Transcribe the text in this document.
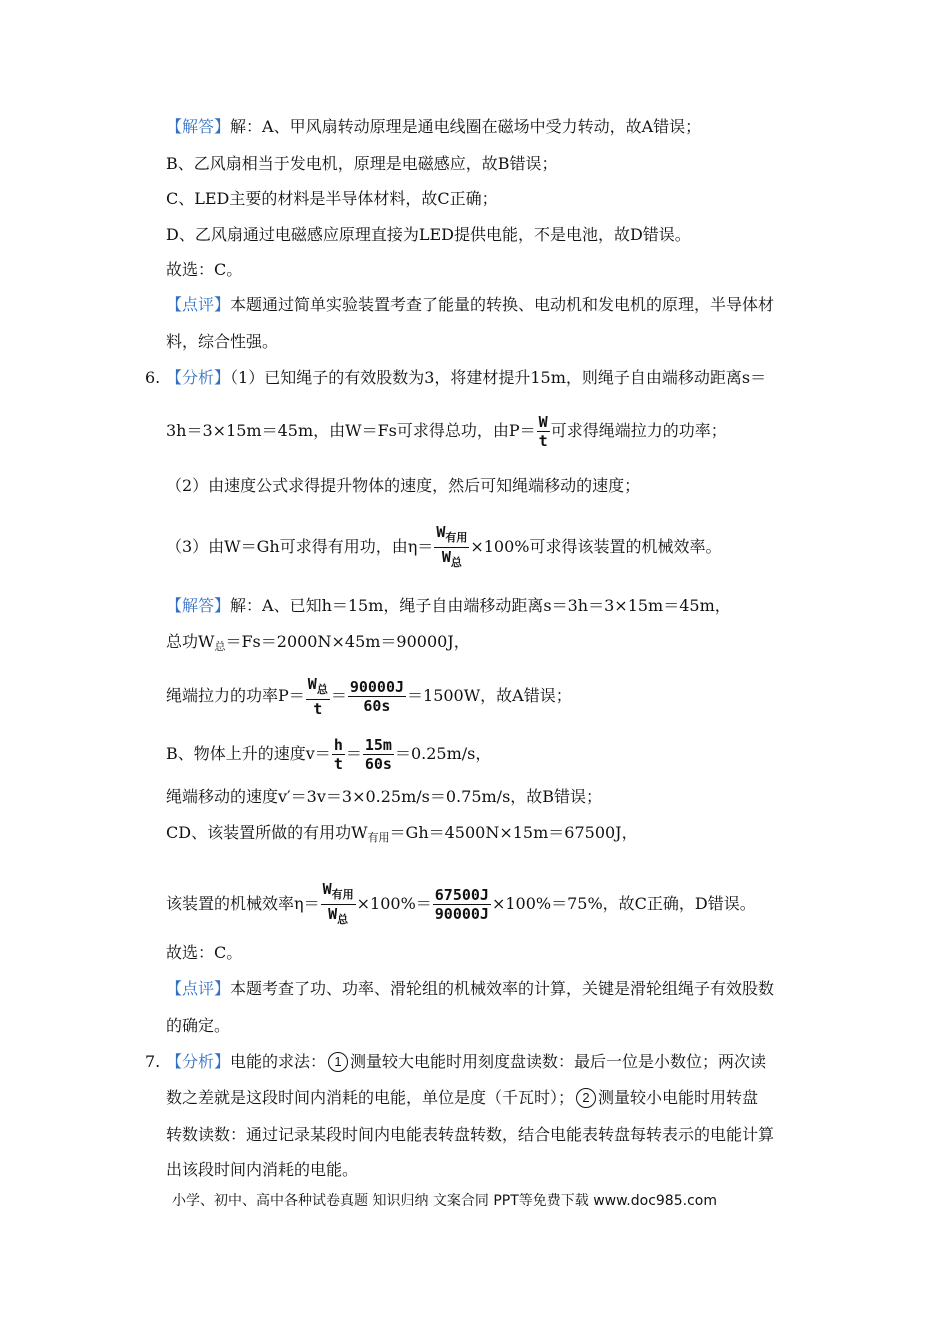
【解答】解：A、甲风扇转动原理是通电线圈在磁场中受力转动，故A错误；
B、乙风扇相当于发电机，原理是电磁感应，故B错误；
C、LED主要的材料是半导体材料，故C正确；
D、乙风扇通过电磁感应原理直接为LED提供电能，不是电池，故D错误。
故选：C。
【点评】本题通过简单实验装置考查了能量的转换、电动机和发电机的原理，半导体材
料，综合性强。
6. 【分析】（1）已知绳子的有效股数为3，将建材提升15m，则绳子自由端移动距离s＝
3h＝3×15m＝45m，由W＝Fs可求得总功，由$P= \frac{W}{t}$ 可求得绳端拉力的功率；
（2）由速度公式求得提升物体的速度，然后可知绳端移动的速度；
（3）由W＝Gh可求得有用功，由$\eta= \frac{W_{有用}}{W_总} \times 100\%$可求得该装置的机械效率。
【解答】解：A、已知h＝15m，绳子自由端移动距离s＝3h＝3×15m＝45m，
总功$W_总=Fs=2000N\times 45m=90000J$，
绳端拉力的功率$P= \frac{W_总}{t} = \frac{90000J}{60s} =1500W$，故A错误；
B、物体上升的速度$v= \frac{h}{t} = \frac{15m}{60s} =0.25m/s$，
绳端移动的速度v′＝3v＝3×0.25m/s＝0.75m/s，故B错误；
CD、该装置所做的有用功$W_{有用}=Gh=4500N\times 15m=67500J$，
该装置的机械效率$\eta= \frac{W_{有用}}{W_总} \times 100\%= \frac{67500J}{90000J} \times 100\%=75\%$，故C正确，D错误。
故选：C。
【点评】本题考查了功、功率、滑轮组的机械效率的计算，关键是滑轮组绳子有效股数
的确定。
7. 【分析】电能的求法： 1 测量较大电能时用刻度盘读数：最后一位是小数位；两次读
数之差就是这段时间内消耗的电能，单位是度（千瓦时）； 2 测量较小电能时用转盘
转数读数：通过记录某段时间内电能表转盘转数，结合电能表转盘每转表示的电能计算
出该段时间内消耗的电能。
小学、初中、高中各种试卷真题 知识归纳 文案合同 PPT等免费下载 www.doc985.com
